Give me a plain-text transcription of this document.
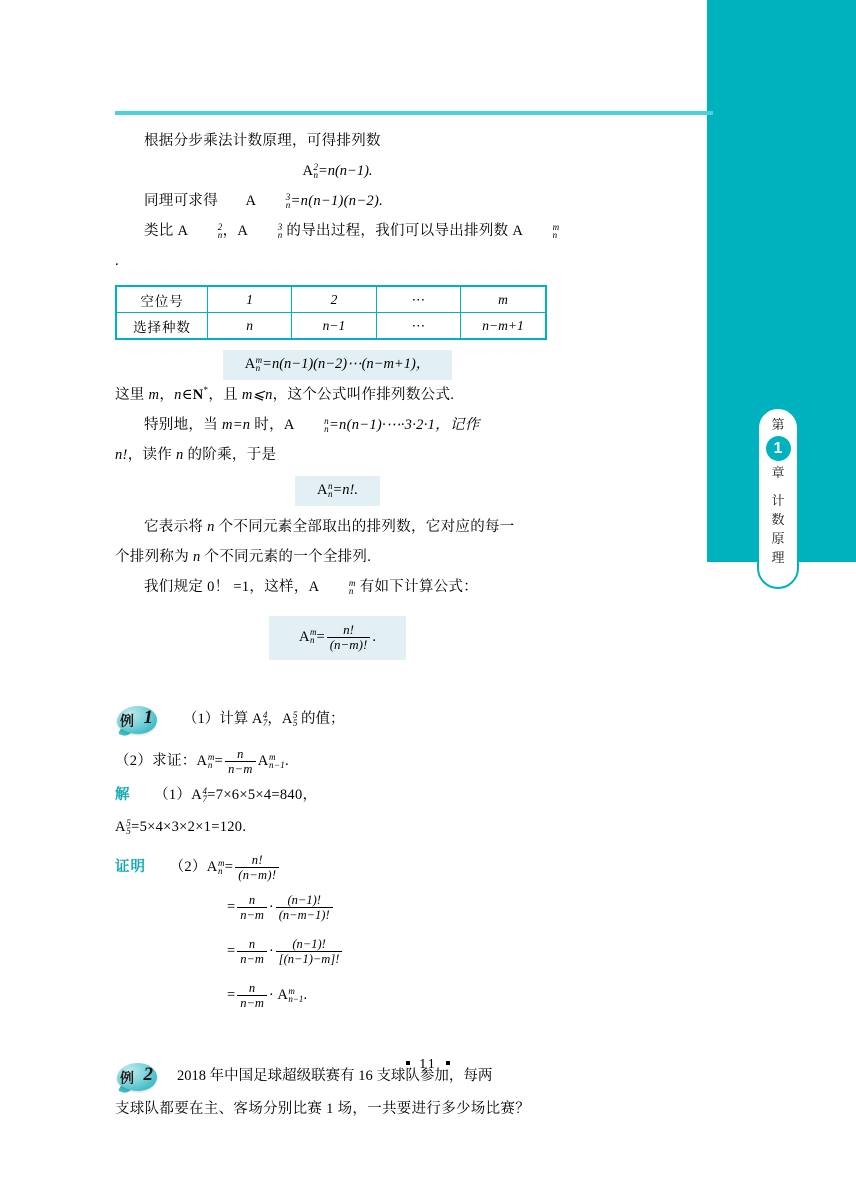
第
1
章
计
数
原
理
根据分步乘法计数原理，可得排列数
A 2
n =n(n−1).
同理可求得 A	3
n =n(n−1)(n−2).
类比 A	2
n ，A	3
n 的导出过程，我们可以导出排列数 A	m
n
.
空位号	1	2	⋯	m
选择种数	n	n−1	⋯	n−m+1
A m
n =n(n−1)(n−2)⋯(n−m+1)，
这里 m，n∈N*，且 m⩽n，这个公式叫作排列数公式.
特别地，当 m=n 时，A	n
n =n(n−1)·⋯·3·2·1，记作
n!，读作 n 的阶乘，于是
A n
n =n!.
它表示将 n 个不同元素全部取出的排列数，它对应的每一
个排列称为 n 个不同元素的一个全排列.
我们规定 0！ =1，这样，A	m
n 有如下计算公式：
A m
$n = \frac{n!}{(n-m)!}$ .
例 1	（1）计算 A 4
7 ，A 5
5 的值；
（2）求证：A m
$n = \frac{n}{n-m}$ A m
n−1 .
解 （1）A 4
7 =7×6×5×4=840，
A 5
5 =5×4×3×2×1=120.
证明 （2）A m
$n = \frac{n!}{(n-m)!}$
= $\frac{n}{n-m} \cdot \frac{(n-1)!}{(n-m-1)!}$
= $\frac{n}{n-m} \cdot \frac{(n-1)!}{[(n-1)-m]!}$
= $\frac{n}{n-m} \cdot A$ m
n−1 .
例 2	2018 年中国足球超级联赛有 16 支球队参加，每两
支球队都要在主、客场分别比赛 1 场，一共要进行多少场比赛？
11
